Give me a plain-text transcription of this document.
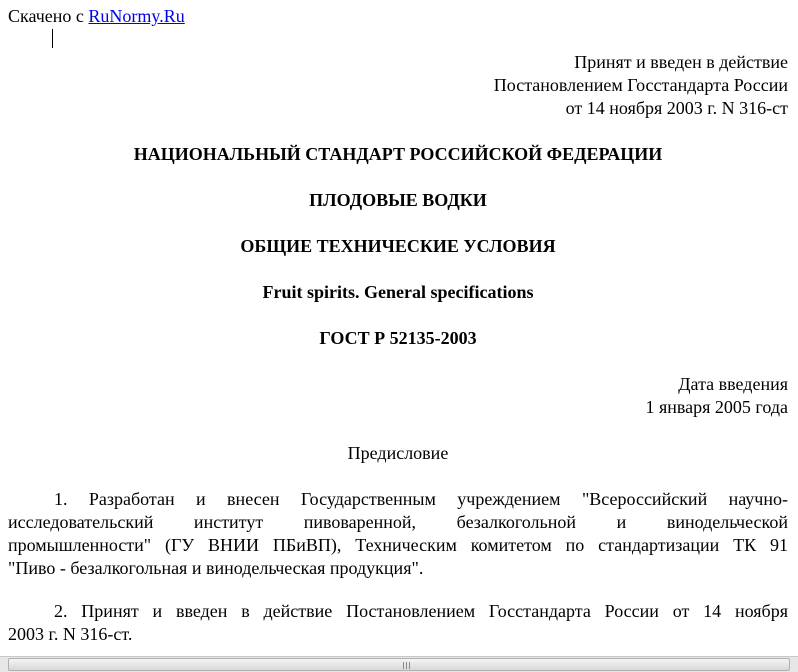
Скачено с RuNormy.Ru
Принят и введен в действие
Постановлением Госстандарта России
от 14 ноября 2003 г. N 316-ст
НАЦИОНАЛЬНЫЙ СТАНДАРТ РОССИЙСКОЙ ФЕДЕРАЦИИ
ПЛОДОВЫЕ ВОДКИ
ОБЩИЕ ТЕХНИЧЕСКИЕ УСЛОВИЯ
Fruit spirits. General specifications
ГОСТ Р 52135-2003
Дата введения
1 января 2005 года
Предисловие
1. Разработан и внесен Государственным учреждением "Всероссийский научно-
исследовательский институт пивоваренной, безалкогольной и винодельческой
промышленности" (ГУ ВНИИ ПБиВП), Техническим комитетом по стандартизации ТК 91
"Пиво - безалкогольная и винодельческая продукция".
2. Принят и введен в действие Постановлением Госстандарта России от 14 ноября
2003 г. N 316-ст.
